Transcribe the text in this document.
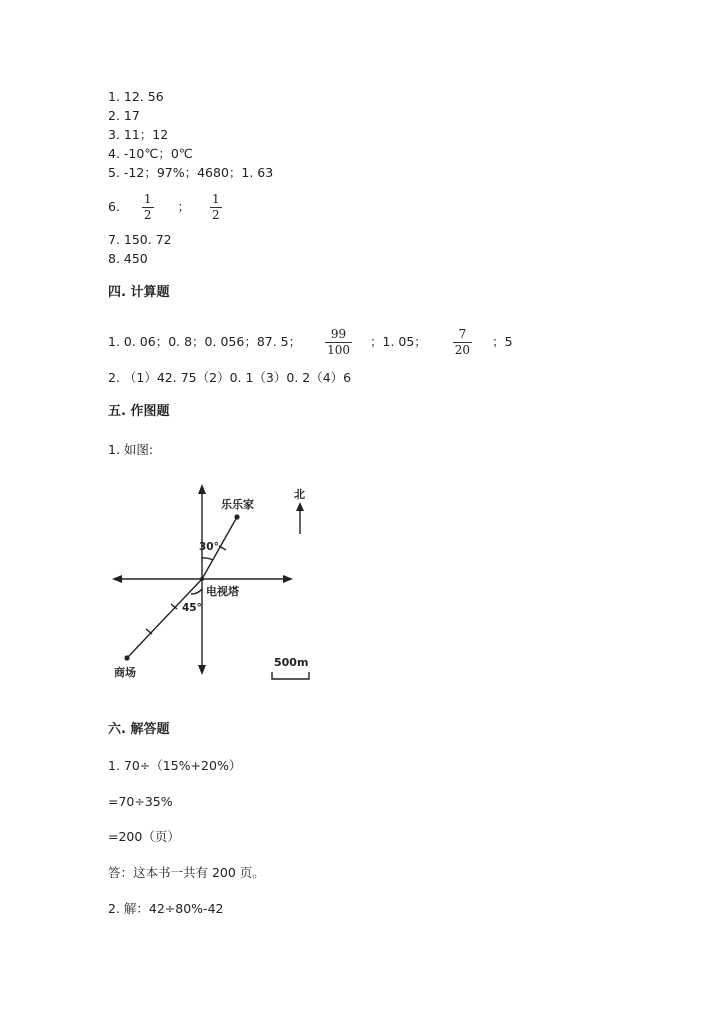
1. 12. 56
2. 17
3. 11；12
4. -10℃；0℃
5. -12；97%；4680；1. 63
6. $\frac{1}{2}$ ； $\frac{1}{2}$
7. 150. 72
8. 450
四. 计算题
1. 0. 06；0. 8；0. 056；87. 5； $\frac{99}{100}$ ；1. 05； $\frac{7}{20}$ ；5
2. （1）42. 75（2）0. 1（3）0. 2（4）6
五. 作图题
1. 如图:
乐乐家
北
电视塔
商场
30°
45°
500m
六. 解答题
1. 70÷（15%+20%）
=70÷35%
=200（页）
答：这本书一共有 200 页。
2. 解：42÷80%-42
